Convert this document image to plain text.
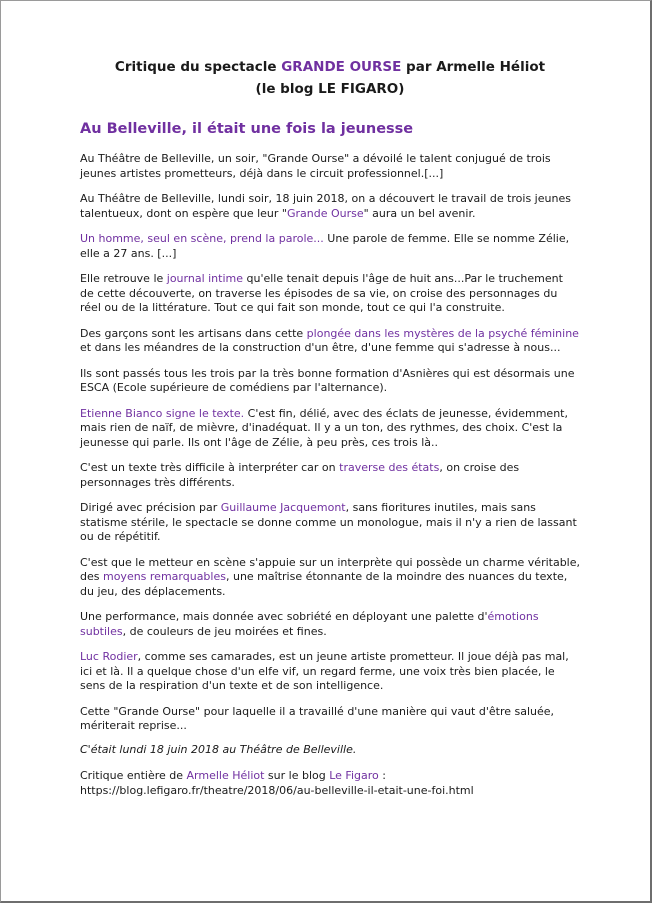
Critique du spectacle GRANDE OURSE par Armelle Héliot
(le blog LE FIGARO)
Au Belleville, il était une fois la jeunesse

Au Théâtre de Belleville, un soir, "Grande Ourse" a dévoilé le talent conjugué de trois jeunes artistes prometteurs, déjà dans le circuit professionnel.[...]

Au Théâtre de Belleville, lundi soir, 18 juin 2018, on a découvert le travail de trois jeunes talentueux, dont on espère que leur "Grande Ourse" aura un bel avenir.

Un homme, seul en scène, prend la parole... Une parole de femme. Elle se nomme Zélie, elle a 27 ans. [...]

Elle retrouve le journal intime qu'elle tenait depuis l'âge de huit ans...Par le truchement de cette découverte, on traverse les épisodes de sa vie, on croise des personnages du réel ou de la littérature. Tout ce qui fait son monde, tout ce qui l'a construite.

Des garçons sont les artisans dans cette plongée dans les mystères de la psyché féminine et dans les méandres de la construction d'un être, d'une femme qui s'adresse à nous...

Ils sont passés tous les trois par la très bonne formation d'Asnières qui est désormais une ESCA (Ecole supérieure de comédiens par l'alternance).

Etienne Bianco signe le texte. C'est fin, délié, avec des éclats de jeunesse, évidemment, mais rien de naïf, de mièvre, d'inadéquat. Il y a un ton, des rythmes, des choix. C'est la jeunesse qui parle. Ils ont l'âge de Zélie, à peu près, ces trois là..

C'est un texte très difficile à interpréter car on traverse des états, on croise des personnages très différents.

Dirigé avec précision par Guillaume Jacquemont, sans fioritures inutiles, mais sans statisme stérile, le spectacle se donne comme un monologue, mais il n'y a rien de lassant ou de répétitif.

C'est que le metteur en scène s'appuie sur un interprète qui possède un charme véritable, des moyens remarquables, une maîtrise étonnante de la moindre des nuances du texte, du jeu, des déplacements.

Une performance, mais donnée avec sobriété en déployant une palette d'émotions subtiles, de couleurs de jeu moirées et fines.

Luc Rodier, comme ses camarades, est un jeune artiste prometteur. Il joue déjà pas mal, ici et là. Il a quelque chose d'un elfe vif, un regard ferme, une voix très bien placée, le sens de la respiration d'un texte et de son intelligence.

Cette "Grande Ourse" pour laquelle il a travaillé d'une manière qui vaut d'être saluée, mériterait reprise...

C'était lundi 18 juin 2018 au Théâtre de Belleville.

Critique entière de Armelle Héliot sur le blog Le Figaro :

https://blog.lefigaro.fr/theatre/2018/06/au-belleville-il-etait-une-foi.html
